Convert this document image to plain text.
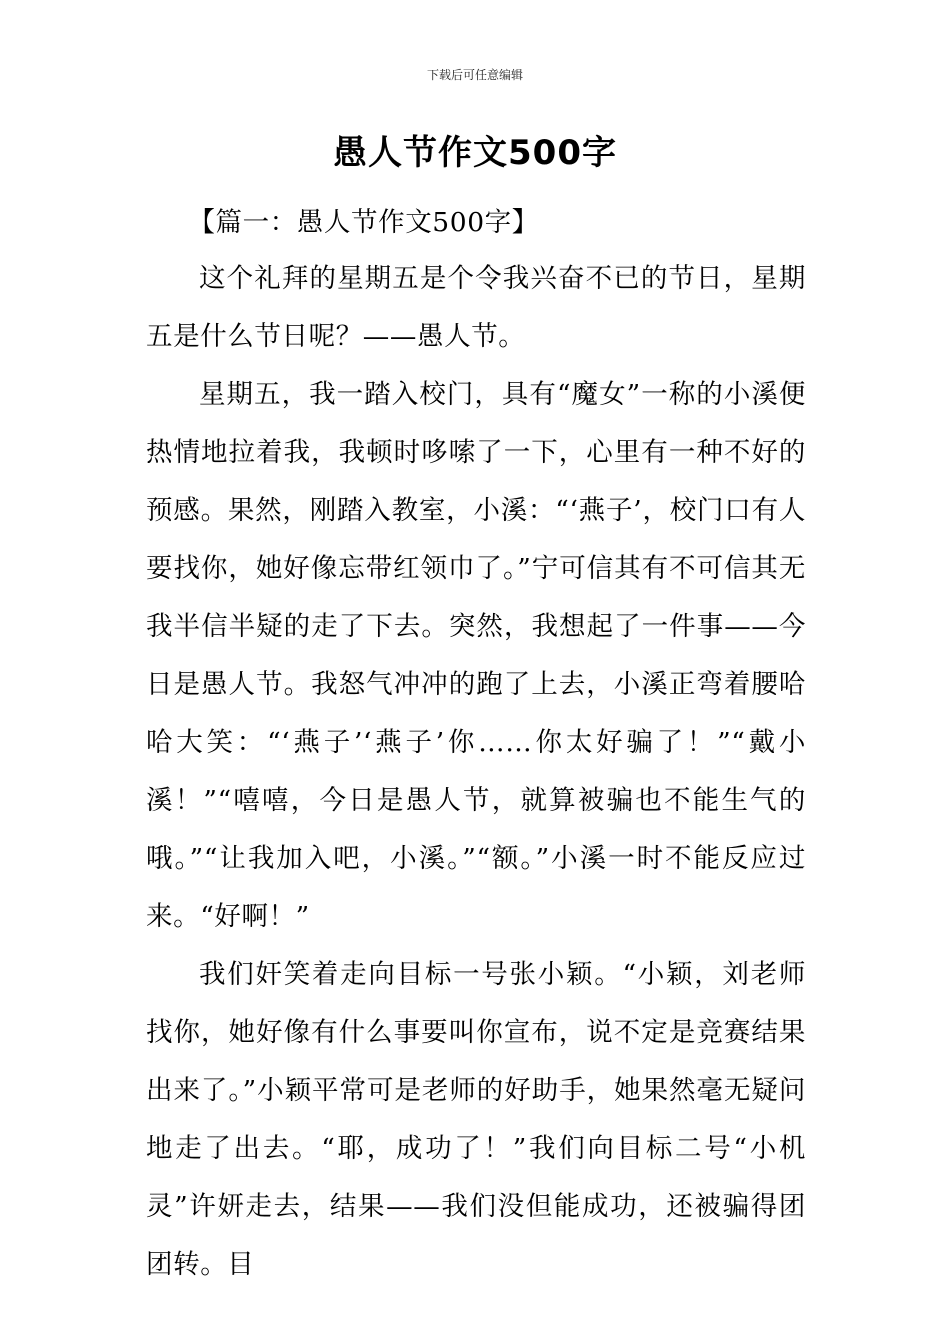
下载后可任意编辑
愚人节作文500字

【篇一：愚人节作文500字】

这个礼拜的星期五是个令我兴奋不已的节日，星期五是什么节日呢？——愚人节。

星期五，我一踏入校门，具有“魔女”一称的小溪便热情地拉着我，我顿时哆嗦了一下，心里有一种不好的预感。果然，刚踏入教室，小溪：“‘燕子’，校门口有人要找你，她好像忘带红领巾了。”宁可信其有不可信其无我半信半疑的走了下去。突然，我想起了一件事——今日是愚人节。我怒气冲冲的跑了上去，小溪正弯着腰哈哈大笑：“‘燕子’‘燕子’你……你太好骗了！”“戴小溪！”“嘻嘻，今日是愚人节，就算被骗也不能生气的哦。”“让我加入吧，小溪。”“额。”小溪一时不能反应过来。“好啊！”

我们奸笑着走向目标一号张小颖。“小颖，刘老师找你，她好像有什么事要叫你宣布，说不定是竞赛结果出来了。”小颖平常可是老师的好助手，她果然毫无疑问地走了出去。“耶，成功了！”我们向目标二号“小机灵”许妍走去，结果——我们没但能成功，还被骗得团团转。目
